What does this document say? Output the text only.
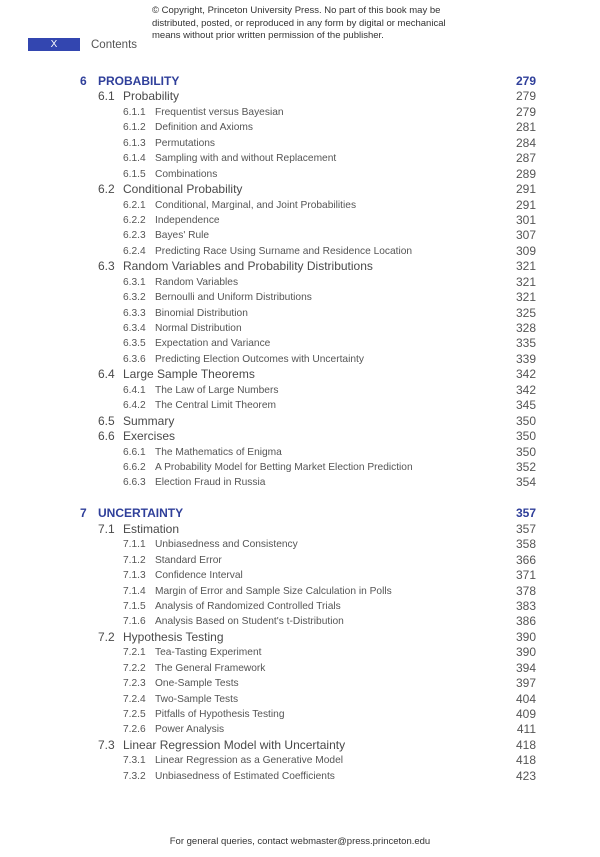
© Copyright, Princeton University Press. No part of this book may be
distributed, posted, or reproduced in any form by digital or mechanical
means without prior written permission of the publisher.
X	Contents
6 PROBABILITY	279
6.1 Probability	279
6.1.1 Frequentist versus Bayesian	279
6.1.2 Definition and Axioms	281
6.1.3 Permutations	284
6.1.4 Sampling with and without Replacement	287
6.1.5 Combinations	289
6.2 Conditional Probability	291
6.2.1 Conditional, Marginal, and Joint Probabilities	291
6.2.2 Independence	301
6.2.3 Bayes' Rule	307
6.2.4 Predicting Race Using Surname and Residence Location	309
6.3 Random Variables and Probability Distributions	321
6.3.1 Random Variables	321
6.3.2 Bernoulli and Uniform Distributions	321
6.3.3 Binomial Distribution	325
6.3.4 Normal Distribution	328
6.3.5 Expectation and Variance	335
6.3.6 Predicting Election Outcomes with Uncertainty	339
6.4 Large Sample Theorems	342
6.4.1 The Law of Large Numbers	342
6.4.2 The Central Limit Theorem	345
6.5 Summary	350
6.6 Exercises	350
6.6.1 The Mathematics of Enigma	350
6.6.2 A Probability Model for Betting Market Election Prediction	352
6.6.3 Election Fraud in Russia	354
7 UNCERTAINTY	357
7.1 Estimation	357
7.1.1 Unbiasedness and Consistency	358
7.1.2 Standard Error	366
7.1.3 Confidence Interval	371
7.1.4 Margin of Error and Sample Size Calculation in Polls	378
7.1.5 Analysis of Randomized Controlled Trials	383
7.1.6 Analysis Based on Student's t-Distribution	386
7.2 Hypothesis Testing	390
7.2.1 Tea-Tasting Experiment	390
7.2.2 The General Framework	394
7.2.3 One-Sample Tests	397
7.2.4 Two-Sample Tests	404
7.2.5 Pitfalls of Hypothesis Testing	409
7.2.6 Power Analysis	411
7.3 Linear Regression Model with Uncertainty	418
7.3.1 Linear Regression as a Generative Model	418
7.3.2 Unbiasedness of Estimated Coefficients	423
For general queries, contact webmaster@press.princeton.edu
